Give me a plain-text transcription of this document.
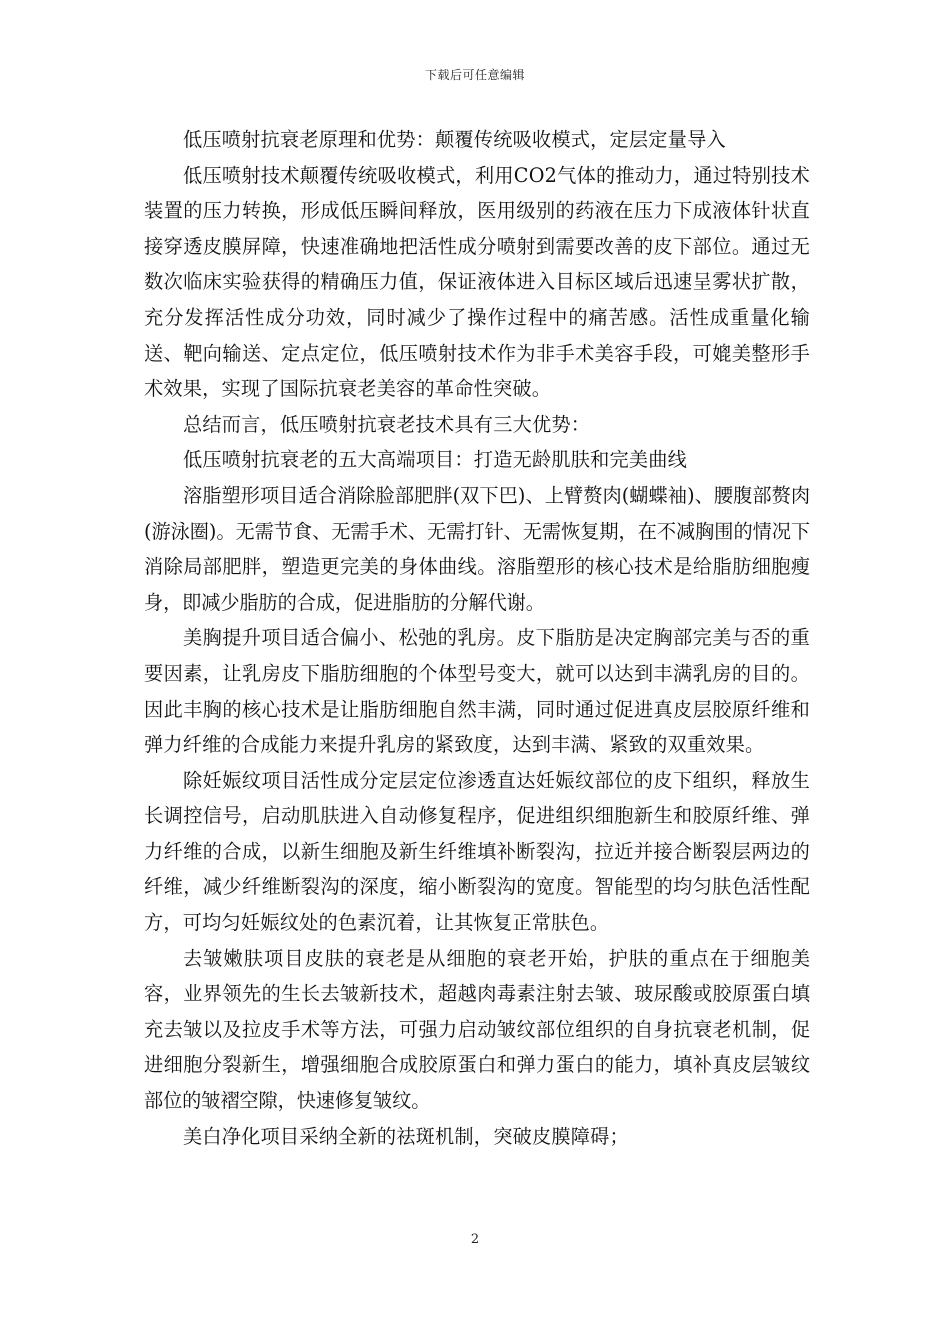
下载后可任意编辑

低压喷射抗衰老原理和优势：颠覆传统吸收模式，定层定量导入

低压喷射技术颠覆传统吸收模式，利用CO2气体的推动力，通过特别技术装置的压力转换，形成低压瞬间释放，医用级别的药液在压力下成液体针状直接穿透皮膜屏障，快速准确地把活性成分喷射到需要改善的皮下部位。通过无数次临床实验获得的精确压力值，保证液体进入目标区域后迅速呈雾状扩散，充分发挥活性成分功效，同时减少了操作过程中的痛苦感。活性成重量化输送、靶向输送、定点定位，低压喷射技术作为非手术美容手段，可媲美整形手术效果，实现了国际抗衰老美容的革命性突破。

总结而言，低压喷射抗衰老技术具有三大优势：

低压喷射抗衰老的五大高端项目：打造无龄肌肤和完美曲线

溶脂塑形项目适合消除脸部肥胖(双下巴)、上臂赘肉(蝴蝶袖)、腰腹部赘肉(游泳圈)。无需节食、无需手术、无需打针、无需恢复期，在不减胸围的情况下消除局部肥胖，塑造更完美的身体曲线。溶脂塑形的核心技术是给脂肪细胞瘦身，即减少脂肪的合成，促进脂肪的分解代谢。

美胸提升项目适合偏小、松弛的乳房。皮下脂肪是决定胸部完美与否的重要因素，让乳房皮下脂肪细胞的个体型号变大，就可以达到丰满乳房的目的。因此丰胸的核心技术是让脂肪细胞自然丰满，同时通过促进真皮层胶原纤维和弹力纤维的合成能力来提升乳房的紧致度，达到丰满、紧致的双重效果。

除妊娠纹项目活性成分定层定位渗透直达妊娠纹部位的皮下组织，释放生长调控信号，启动肌肤进入自动修复程序，促进组织细胞新生和胶原纤维、弹力纤维的合成，以新生细胞及新生纤维填补断裂沟，拉近并接合断裂层两边的纤维，减少纤维断裂沟的深度，缩小断裂沟的宽度。智能型的均匀肤色活性配方，可均匀妊娠纹处的色素沉着，让其恢复正常肤色。

去皱嫩肤项目皮肤的衰老是从细胞的衰老开始，护肤的重点在于细胞美容，业界领先的生长去皱新技术，超越肉毒素注射去皱、玻尿酸或胶原蛋白填充去皱以及拉皮手术等方法，可强力启动皱纹部位组织的自身抗衰老机制，促进细胞分裂新生，增强细胞合成胶原蛋白和弹力蛋白的能力，填补真皮层皱纹部位的皱褶空隙，快速修复皱纹。

美白净化项目采纳全新的祛斑机制，突破皮膜障碍；

2
